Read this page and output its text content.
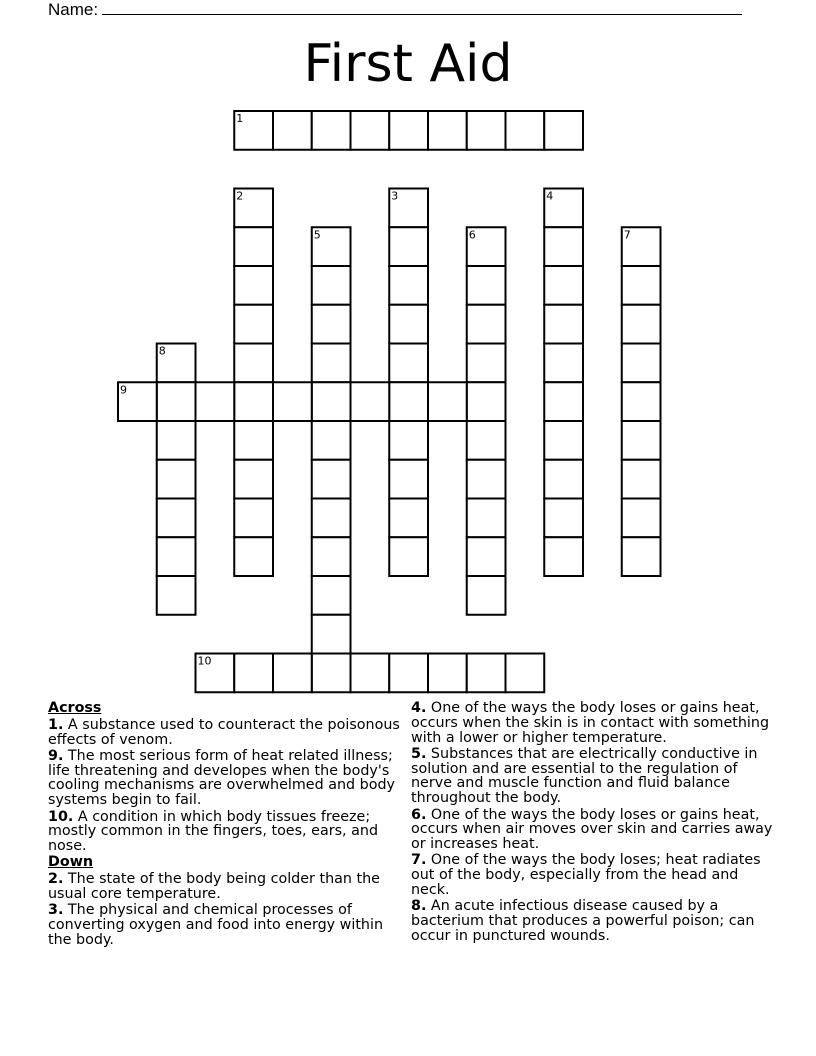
Name:
First Aid
1
2	3	4
5	6	7
8
9
10
Across
1. A substance used to counteract the poisonous effects of venom.
9. The most serious form of heat related illness; life threatening and developes when the body's cooling mechanisms are overwhelmed and body systems begin to fail.
10. A condition in which body tissues freeze; mostly common in the fingers, toes, ears, and nose.
Down
2. The state of the body being colder than the usual core temperature.
3. The physical and chemical processes of converting oxygen and food into energy within the body.
4. One of the ways the body loses or gains heat, occurs when the skin is in contact with something with a lower or higher temperature.
5. Substances that are electrically conductive in solution and are essential to the regulation of nerve and muscle function and fluid balance throughout the body.
6. One of the ways the body loses or gains heat, occurs when air moves over skin and carries away or increases heat.
7. One of the ways the body loses; heat radiates out of the body, especially from the head and neck.
8. An acute infectious disease caused by a bacterium that produces a powerful poison; can occur in punctured wounds.
